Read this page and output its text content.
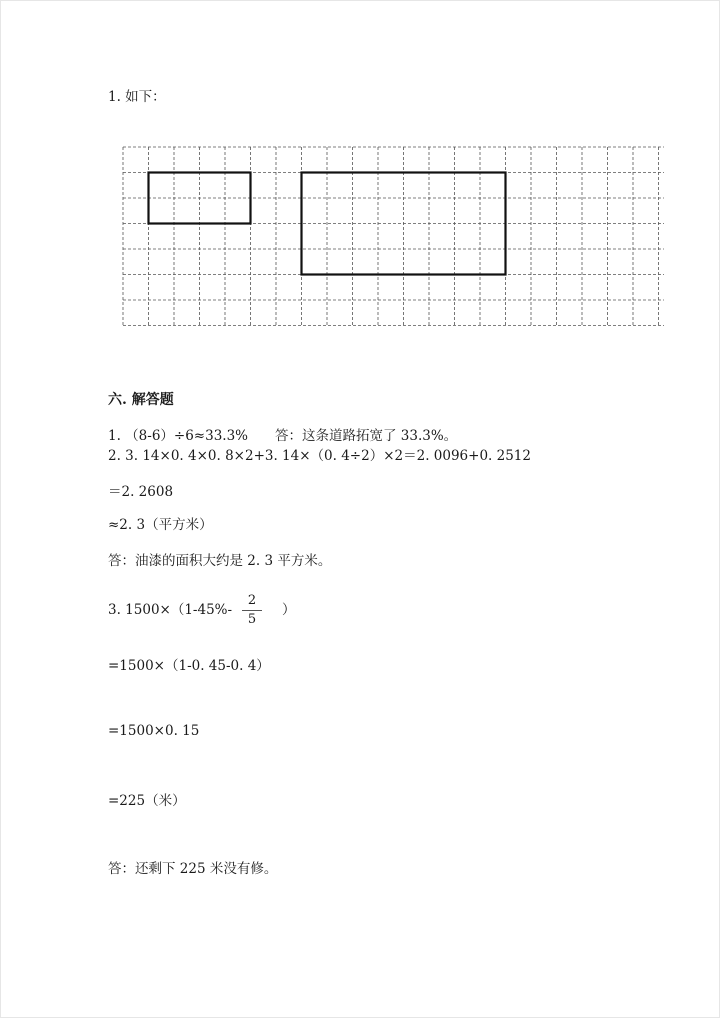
1. 如下：
六. 解答题
1. （8-6）÷6≈33.3%　　答：这条道路拓宽了 33.3%。
2. 3. 14×0. 4×0. 8×2+3. 14×（0. 4÷2）×2＝2. 0096+0. 2512
＝2. 2608
≈2. 3（平方米）
答：油漆的面积大约是 2. 3 平方米。
3. 1500×（1-45%-
2
5
）
=1500×（1-0. 45-0. 4）
=1500×0. 15
=225（米）
答：还剩下 225 米没有修。
